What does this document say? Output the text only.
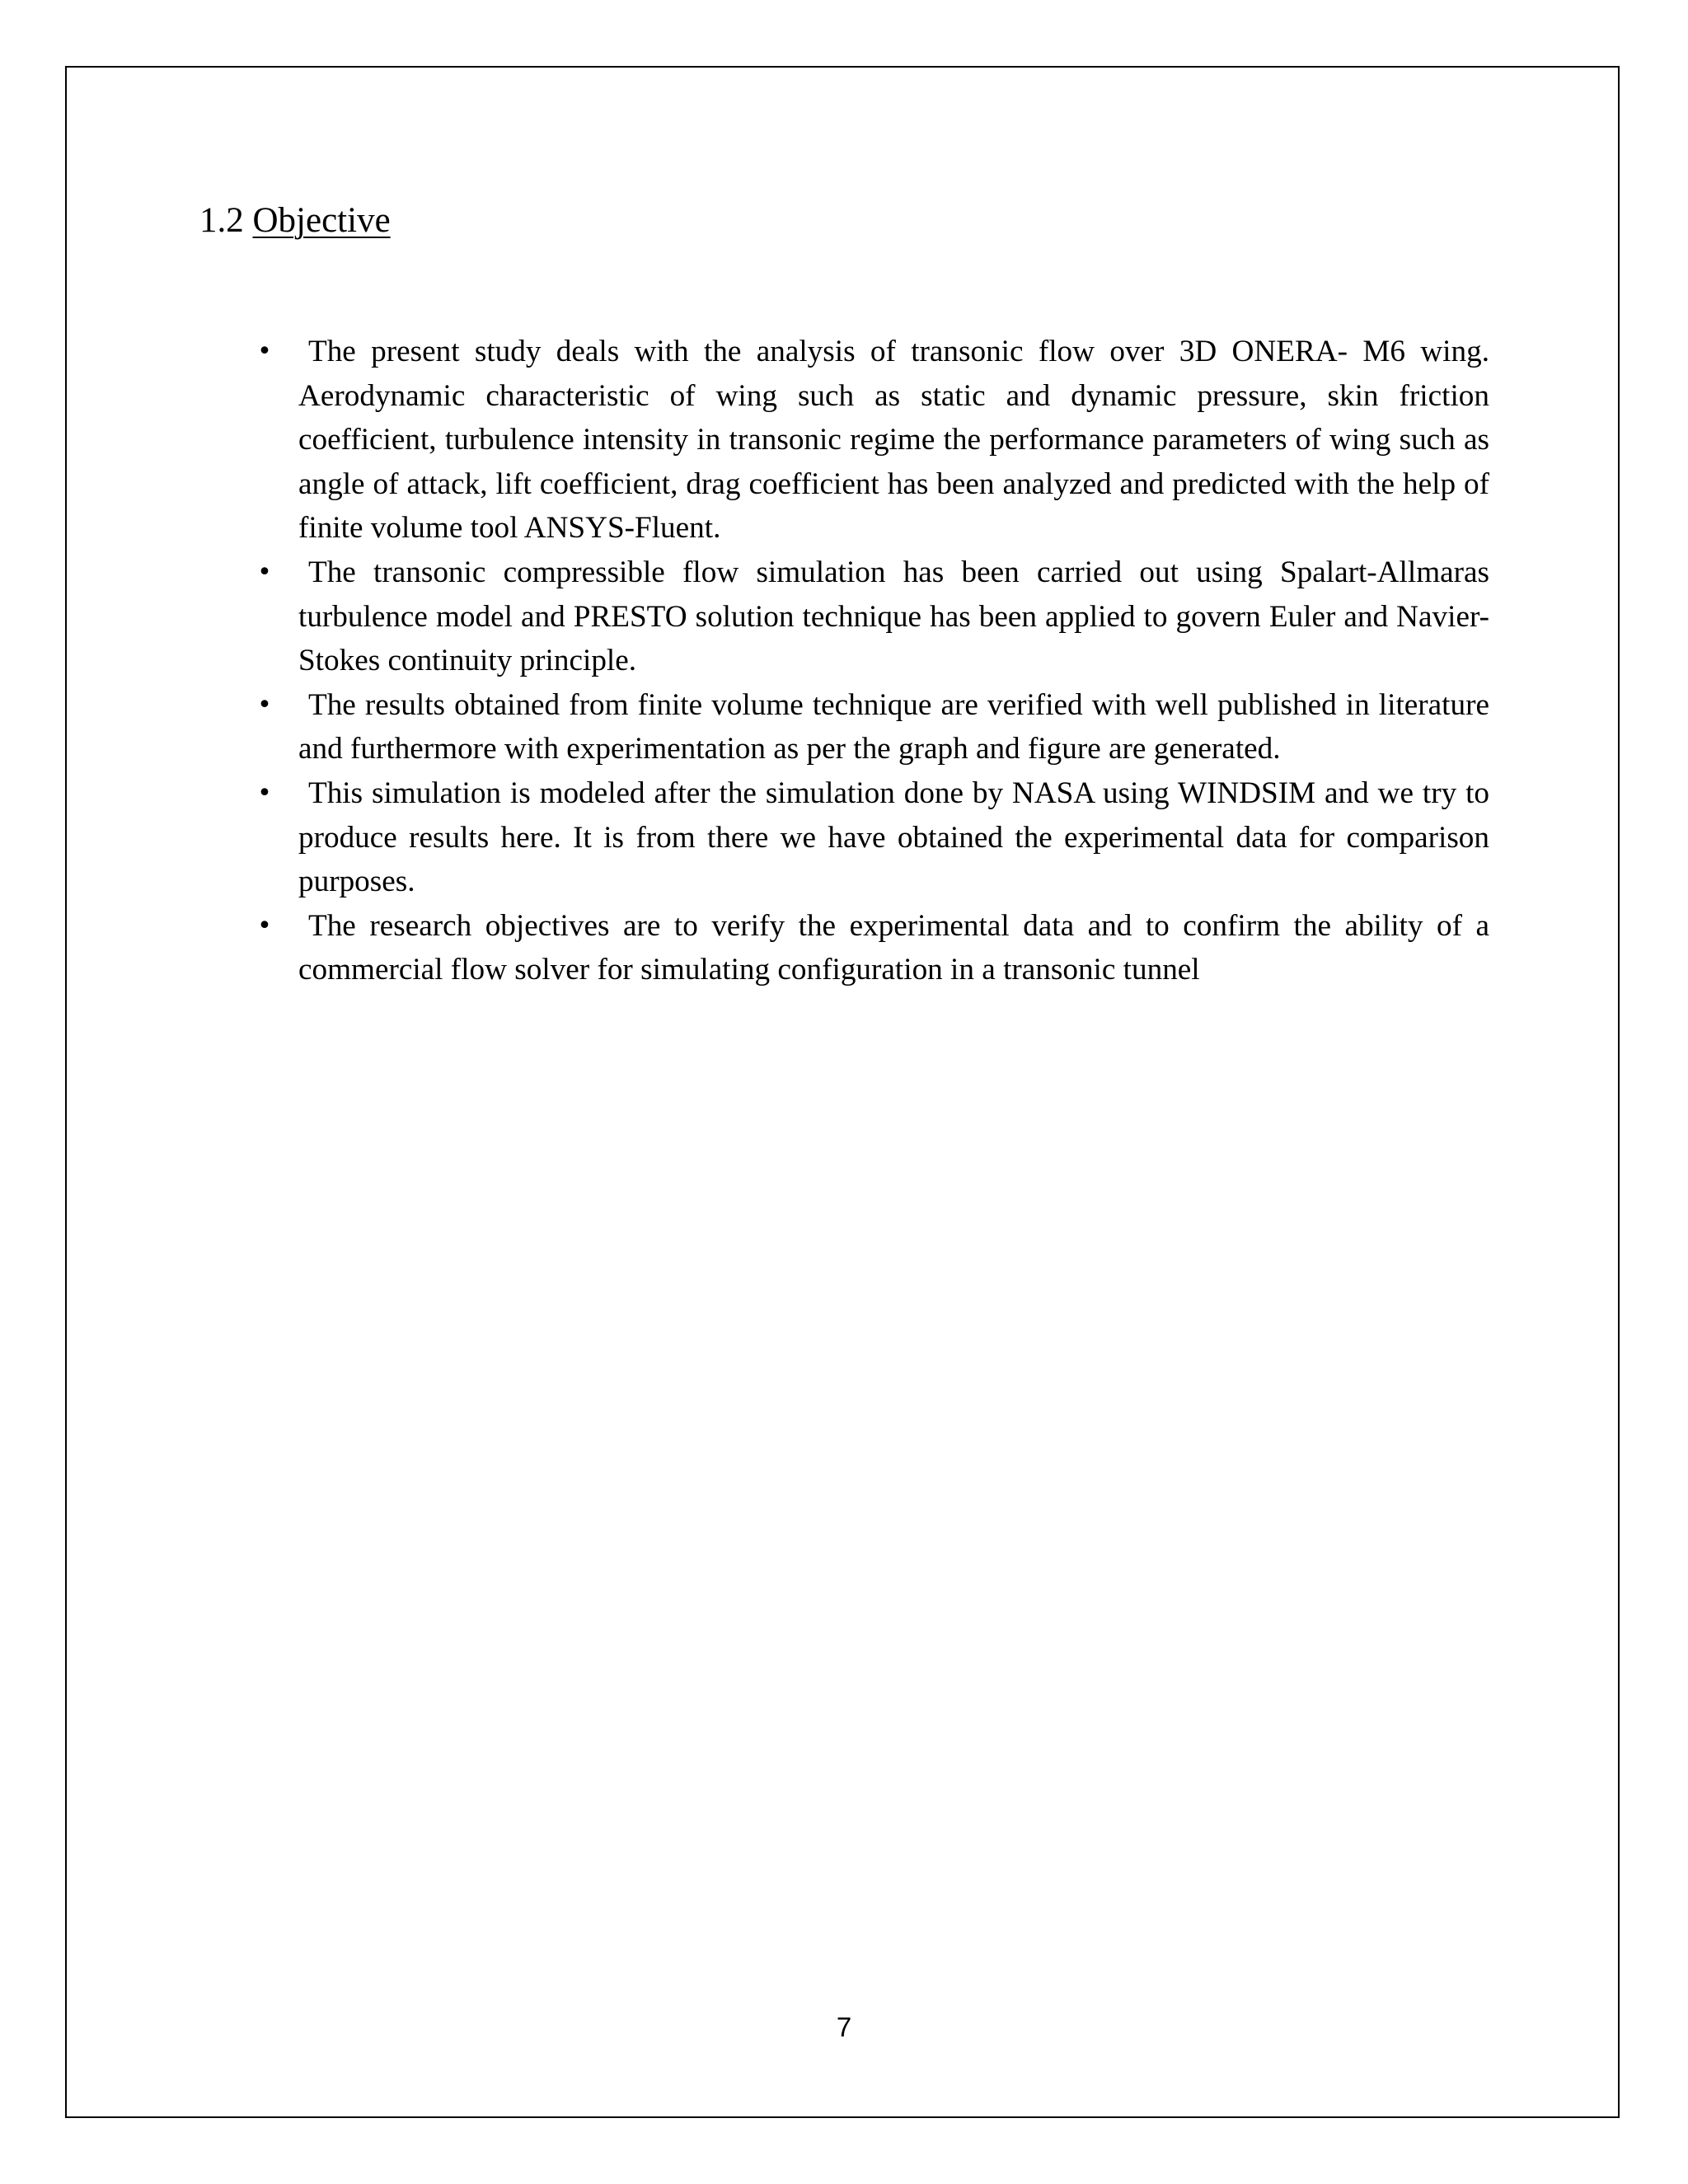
1.2 Objective
•	The present study deals with the analysis of transonic flow over 3D ONERA- M6 wing. Aerodynamic characteristic of wing such as static and dynamic pressure, skin friction coefficient, turbulence intensity in transonic regime the performance parameters of wing such as angle of attack, lift coefficient, drag coefficient has been analyzed and predicted with the help of finite volume tool ANSYS-Fluent.
•	The transonic compressible flow simulation has been carried out using Spalart-Allmaras turbulence model and PRESTO solution technique has been applied to govern Euler and Navier-Stokes continuity principle.
•	The results obtained from finite volume technique are verified with well published in literature and furthermore with experimentation as per the graph and figure are generated.
•	This simulation is modeled after the simulation done by NASA using WINDSIM and we try to produce results here. It is from there we have obtained the experimental data for comparison purposes.
•	The research objectives are to verify the experimental data and to confirm the ability of a commercial flow solver for simulating configuration in a transonic tunnel
7
